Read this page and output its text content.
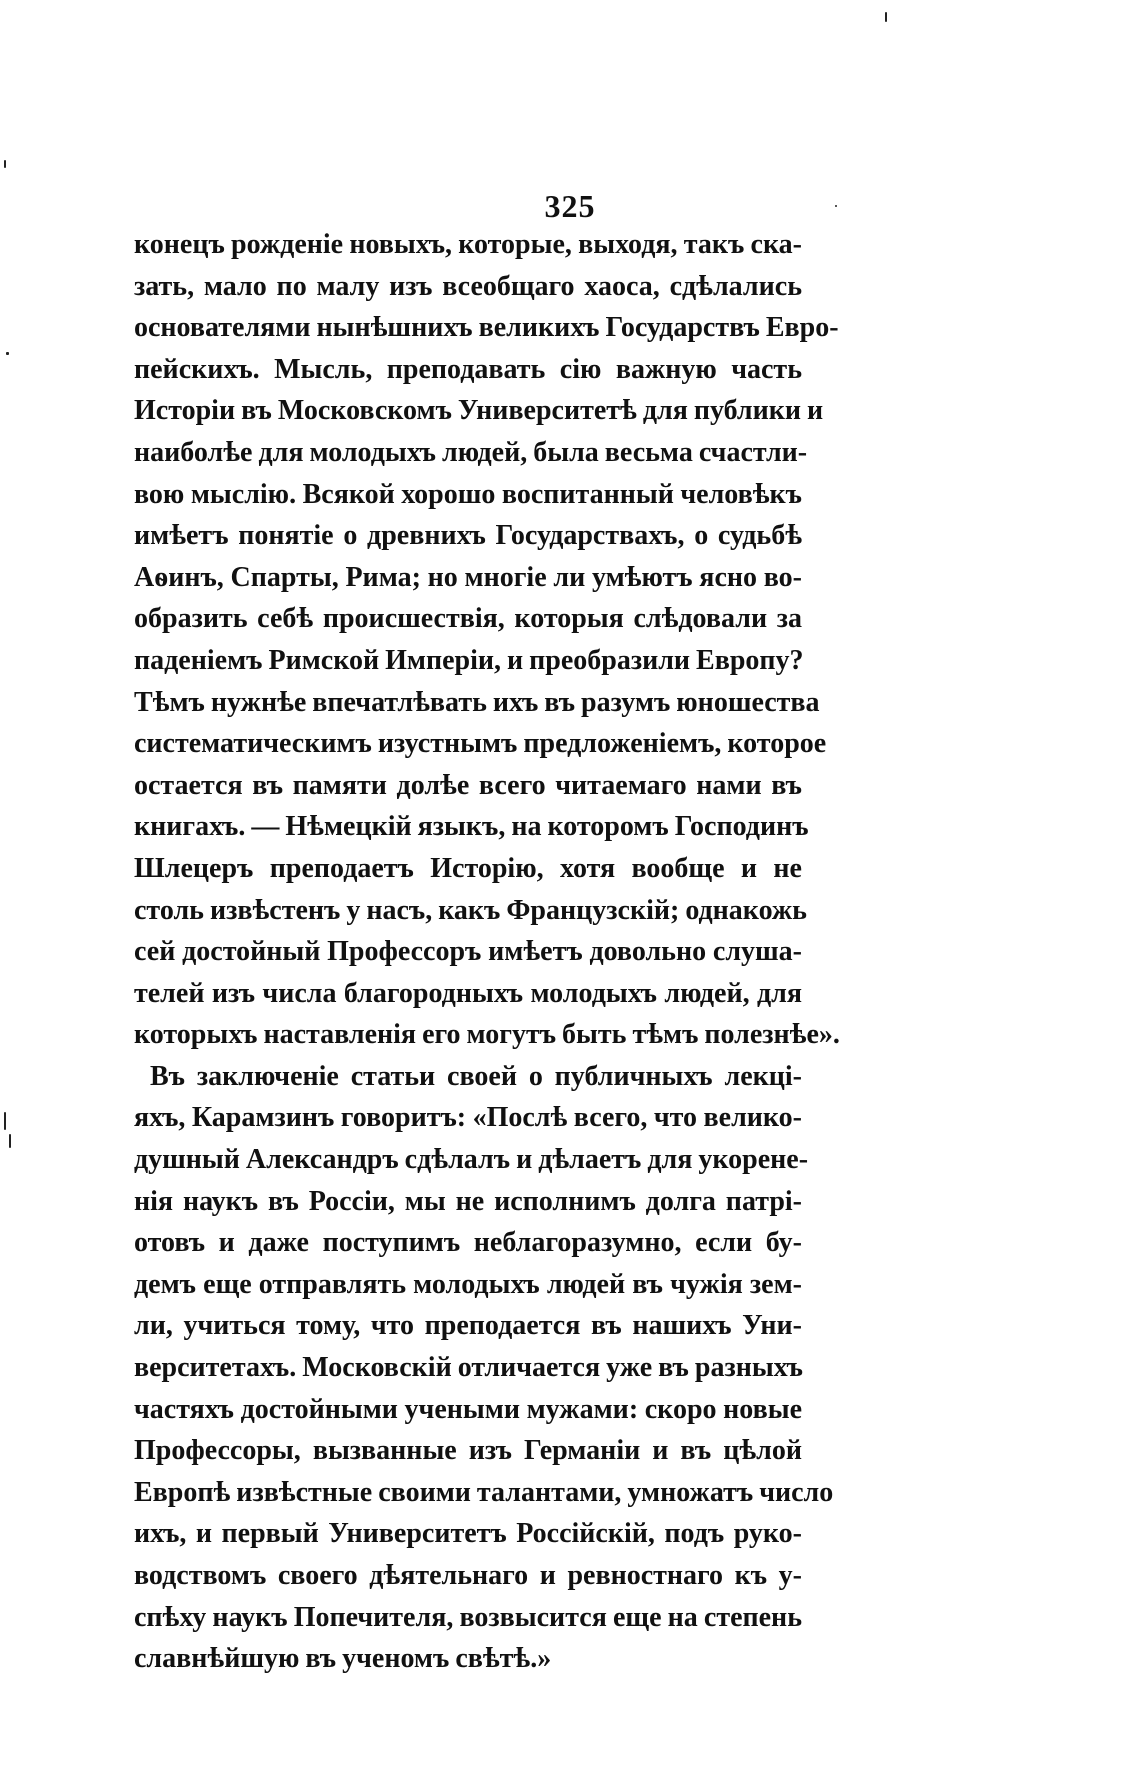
325
конецъ рожденіе новыхъ, которые, выходя, такъ ска-
зать, мало по малу изъ всеобщаго хаоса, сдѣлались
основателями нынѣшнихъ великихъ Государствъ Евро-
пейскихъ. Мысль, преподавать сію важную часть
Исторіи въ Московскомъ Университетѣ для публики и
наиболѣе для молодыхъ людей, была весьма счастли-
вою мыслію. Всякой хорошо воспитанный человѣкъ
имѣетъ понятіе о древнихъ Государствахъ, о судьбѣ
Аѳинъ, Спарты, Рима; но многіе ли умѣютъ ясно во-
образить себѣ происшествія, которыя слѣдовали за
паденіемъ Римской Имперіи, и преобразили Европу?
Тѣмъ нужнѣе впечатлѣвать ихъ въ разумъ юношества
систематическимъ изустнымъ предложеніемъ, которое
остается въ памяти долѣе всего читаемаго нами въ
книгахъ. — Нѣмецкій языкъ, на которомъ Господинъ
Шлецеръ преподаетъ Исторію, хотя вообще и не
столь извѣстенъ у насъ, какъ Французскій; однакожь
сей достойный Профессоръ имѣетъ довольно слуша-
телей изъ числа благородныхъ молодыхъ людей, для
которыхъ наставленія его могутъ быть тѣмъ полезнѣе».
Въ заключеніе статьи своей о публичныхъ лекці-
яхъ, Карамзинъ говоритъ: «Послѣ всего, что велико-
душный Александръ сдѣлалъ и дѣлаетъ для укорене-
нія наукъ въ Россіи, мы не исполнимъ долга патрі-
отовъ и даже поступимъ неблагоразумно, если бу-
демъ еще отправлять молодыхъ людей въ чужія зем-
ли, учиться тому, что преподается въ нашихъ Уни-
верситетахъ. Московскій отличается уже въ разныхъ
частяхъ достойными учеными мужами: скоро новые
Профессоры, вызванные изъ Германіи и въ цѣлой
Европѣ извѣстные своими талантами, умножатъ число
ихъ, и первый Университетъ Россійскій, подъ руко-
водствомъ своего дѣятельнаго и ревностнаго къ у-
спѣху наукъ Попечителя, возвысится еще на степень
славнѣйшую въ ученомъ свѣтѣ.»
